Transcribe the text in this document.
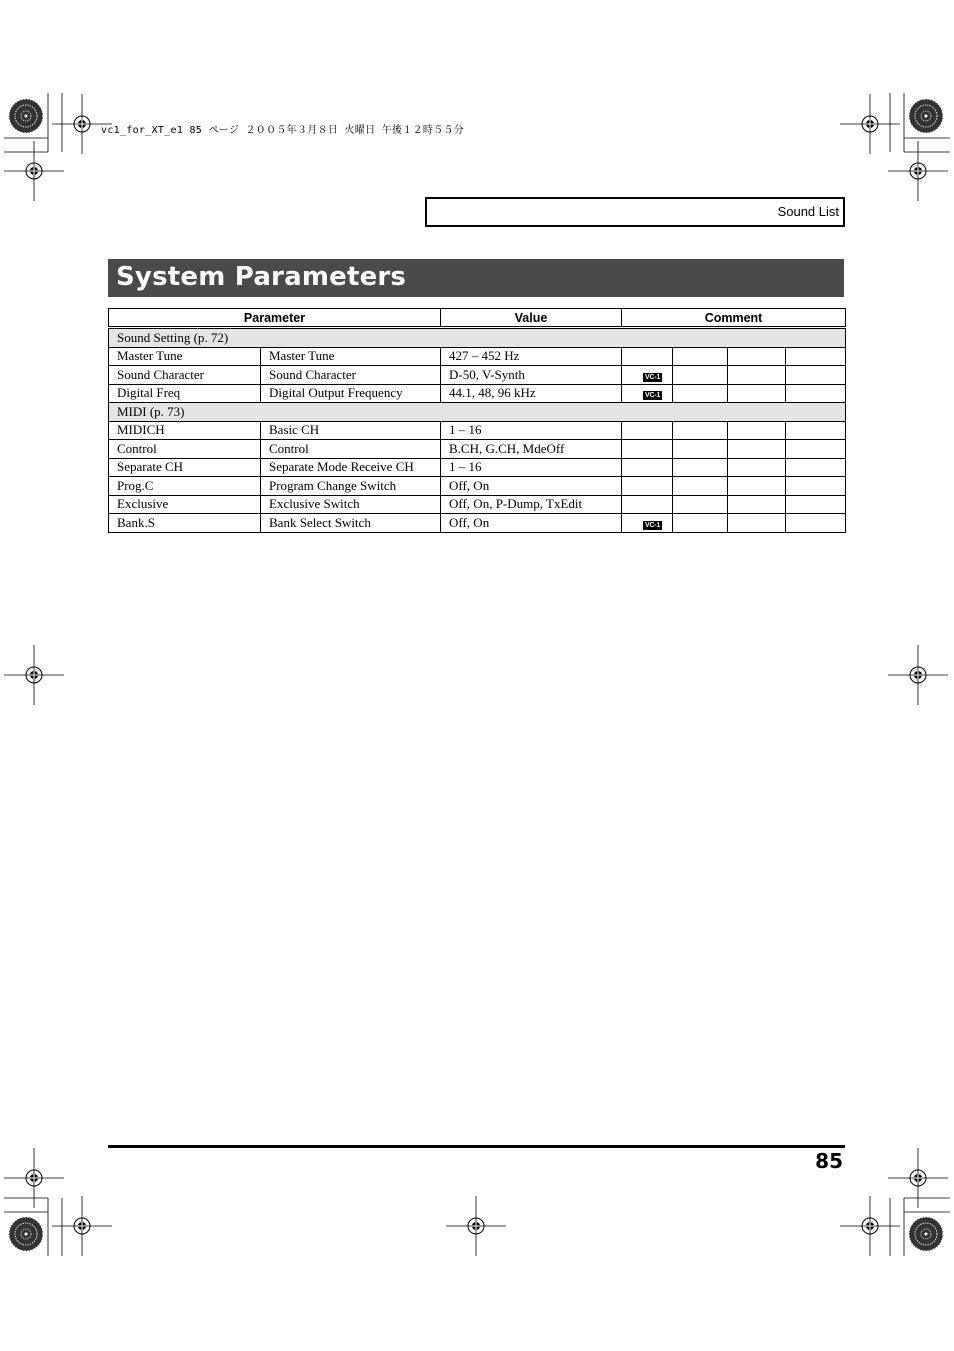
vc1_for_XT_e1 85 ページ ２００５年３月８日 火曜日 午後１２時５５分
Sound List
System Parameters
Parameter		Value	Comment			
Sound Setting (p. 72)						
Master Tune	Master Tune	427 – 452 Hz				
Sound Character	Sound Character	D-50, V-Synth	VC-1			
Digital Freq	Digital Output Frequency	44.1, 48, 96 kHz	VC-1			
MIDI (p. 73)						
MIDICH	Basic CH	1 – 16				
Control	Control	B.CH, G.CH, MdeOff				
Separate CH	Separate Mode Receive CH	1 – 16				
Prog.C	Program Change Switch	Off, On				
Exclusive	Exclusive Switch	Off, On, P-Dump, TxEdit				
Bank.S	Bank Select Switch	Off, On	VC-1			
85
